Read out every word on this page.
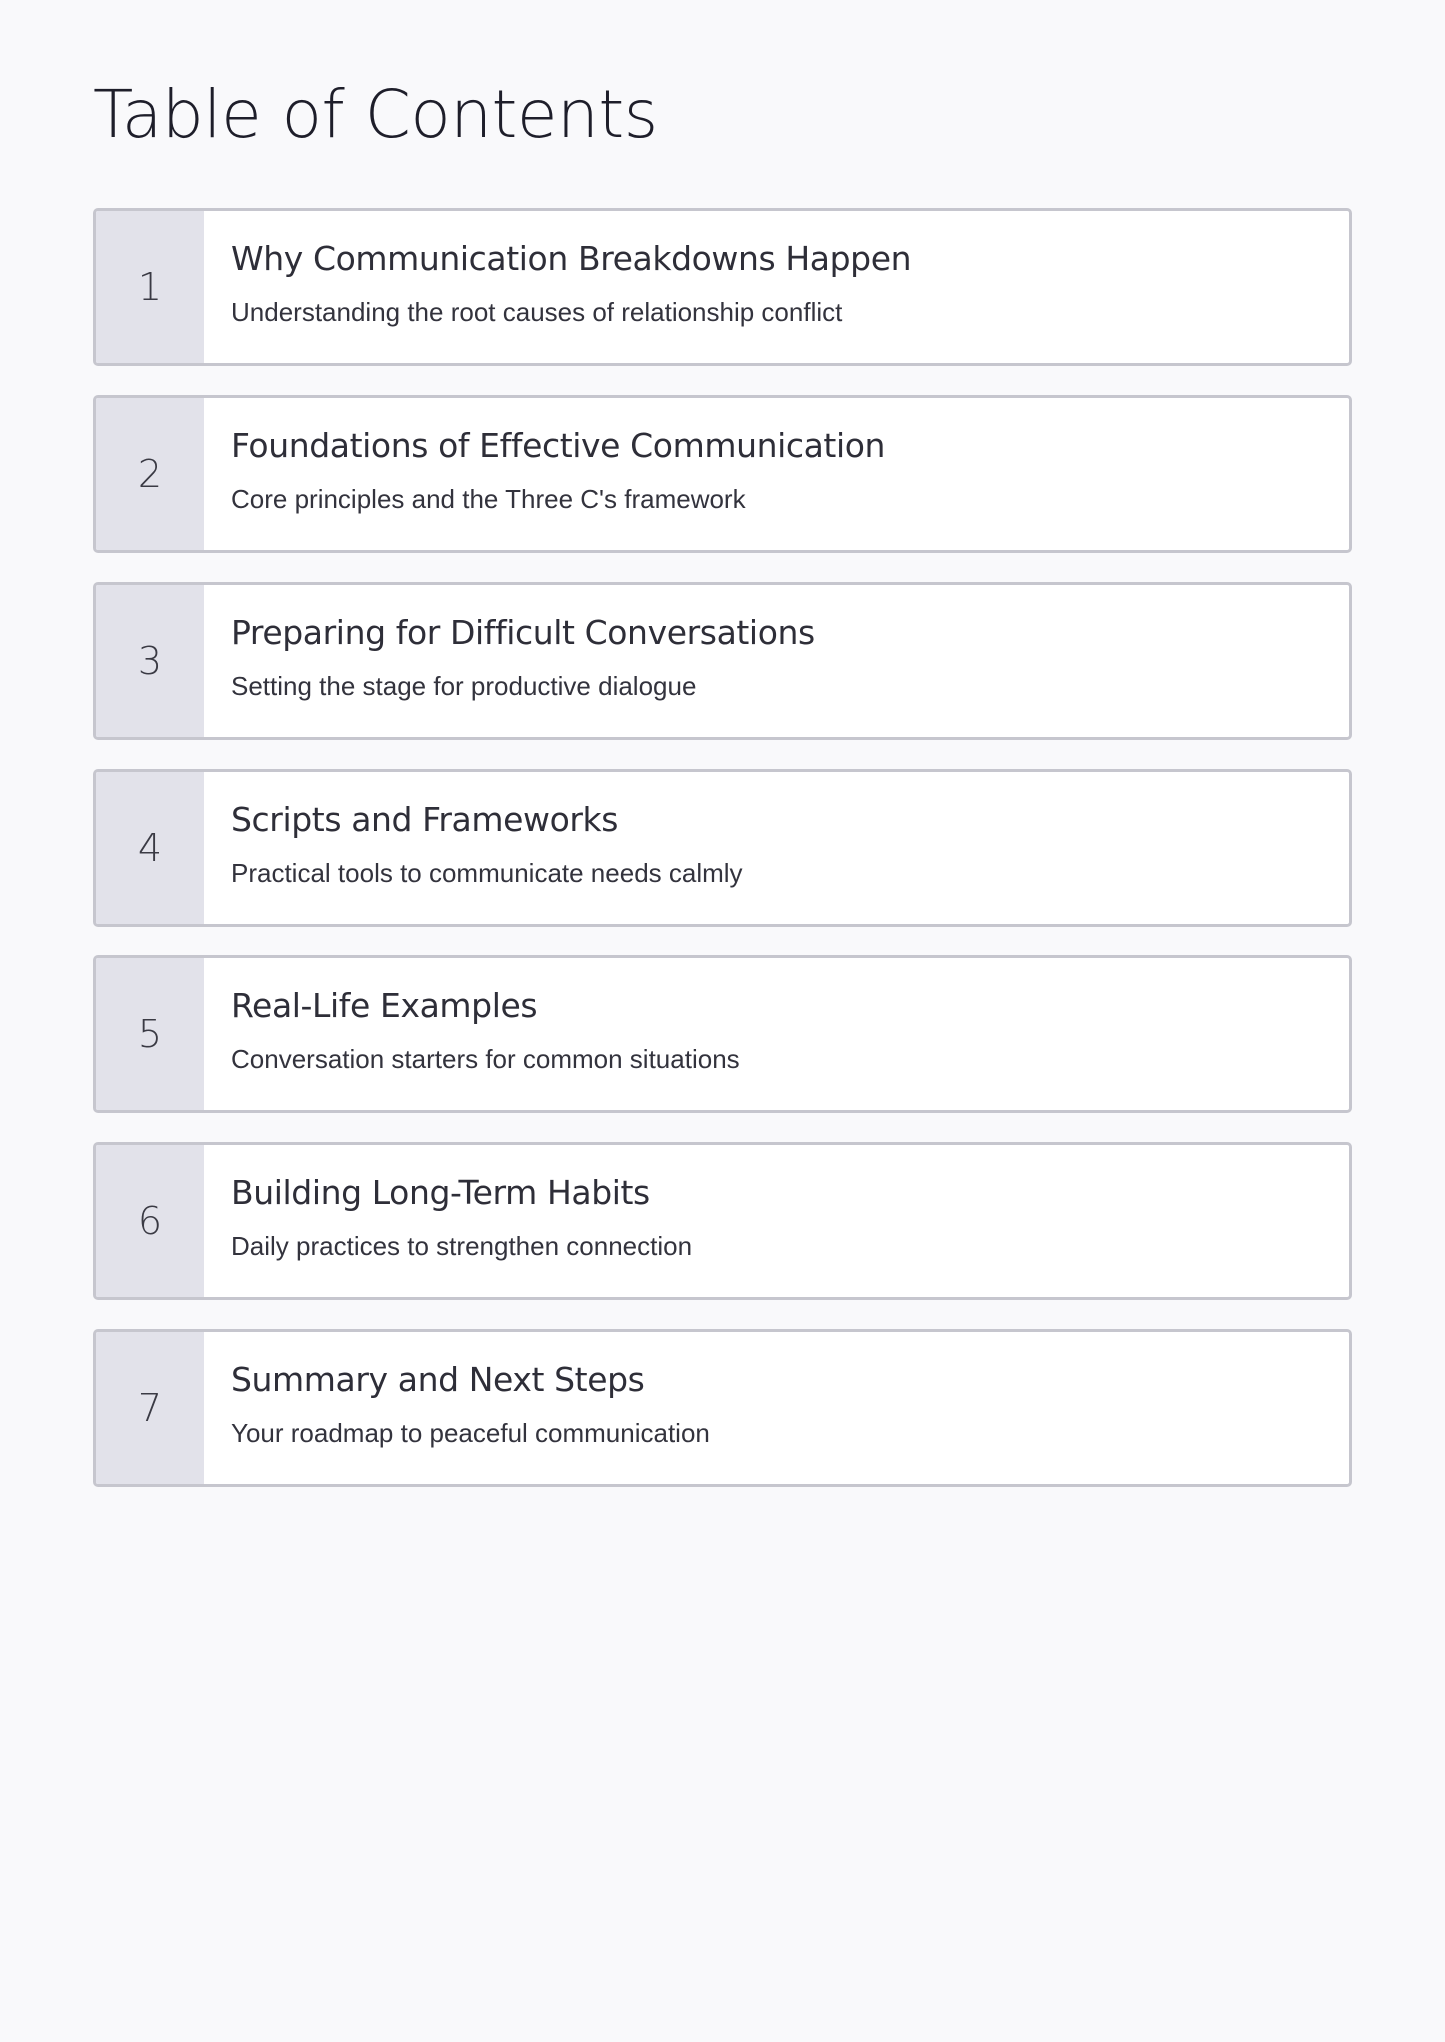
Table of Contents
1
Why Communication Breakdowns Happen
Understanding the root causes of relationship conflict
2
Foundations of Effective Communication
Core principles and the Three C's framework
3
Preparing for Difficult Conversations
Setting the stage for productive dialogue
4
Scripts and Frameworks
Practical tools to communicate needs calmly
5
Real-Life Examples
Conversation starters for common situations
6
Building Long-Term Habits
Daily practices to strengthen connection
7
Summary and Next Steps
Your roadmap to peaceful communication
